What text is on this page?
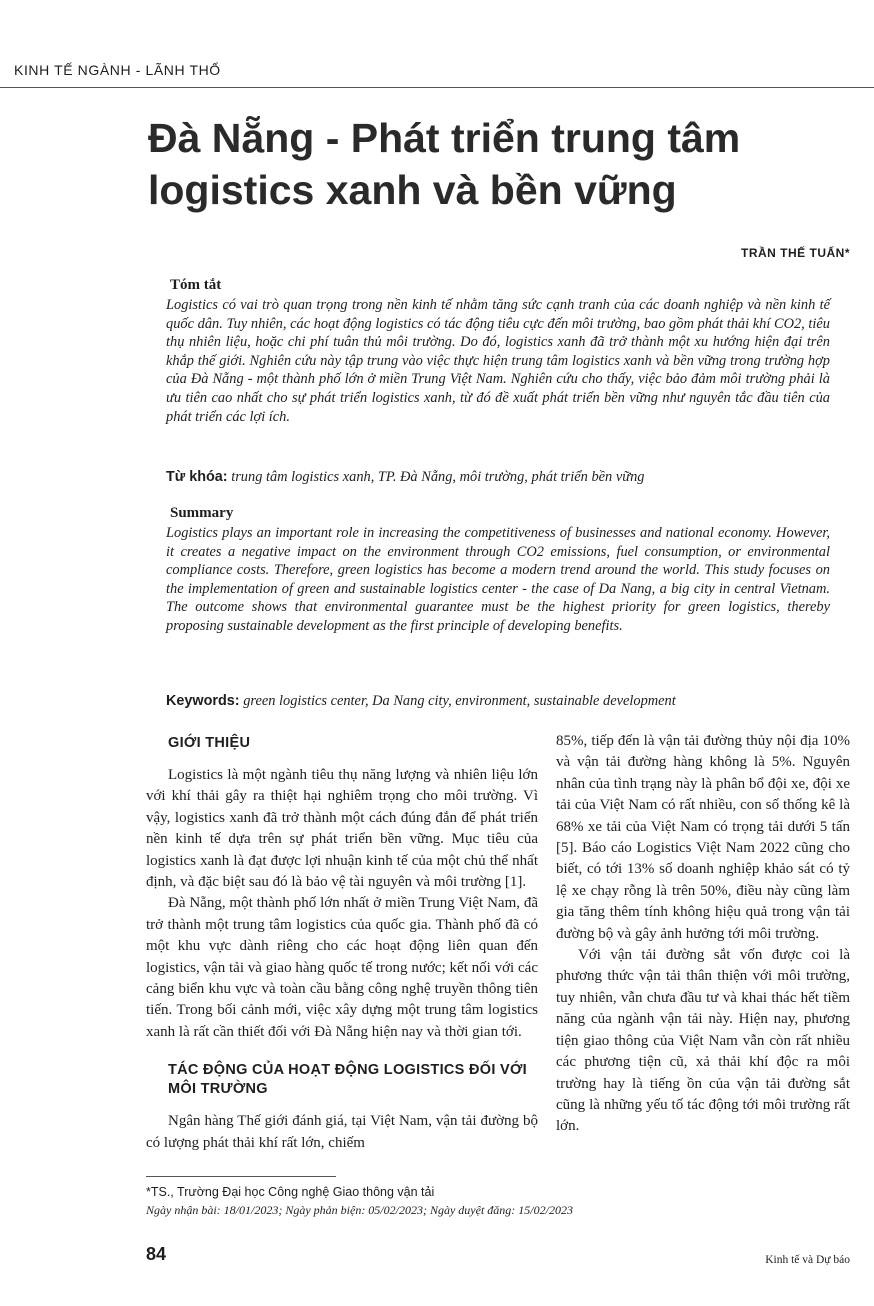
KINH TẾ NGÀNH - LÃNH THỔ
Đà Nẵng - Phát triển trung tâm logistics xanh và bền vững
TRẦN THẾ TUẤN*
Tóm tắt
Logistics có vai trò quan trọng trong nền kinh tế nhằm tăng sức cạnh tranh của các doanh nghiệp và nền kinh tế quốc dân. Tuy nhiên, các hoạt động logistics có tác động tiêu cực đến môi trường, bao gồm phát thải khí CO2, tiêu thụ nhiên liệu, hoặc chi phí tuân thủ môi trường. Do đó, logistics xanh đã trở thành một xu hướng hiện đại trên khắp thế giới. Nghiên cứu này tập trung vào việc thực hiện trung tâm logistics xanh và bền vững trong trường hợp của Đà Nẵng - một thành phố lớn ở miền Trung Việt Nam. Nghiên cứu cho thấy, việc bảo đảm môi trường phải là ưu tiên cao nhất cho sự phát triển logistics xanh, từ đó đề xuất phát triển bền vững như nguyên tắc đầu tiên của phát triển các lợi ích.
Từ khóa: trung tâm logistics xanh, TP. Đà Nẵng, môi trường, phát triển bền vững
Summary
Logistics plays an important role in increasing the competitiveness of businesses and national economy. However, it creates a negative impact on the environment through CO2 emissions, fuel consumption, or environmental compliance costs. Therefore, green logistics has become a modern trend around the world. This study focuses on the implementation of green and sustainable logistics center - the case of Da Nang, a big city in central Vietnam. The outcome shows that environmental guarantee must be the highest priority for green logistics, thereby proposing sustainable development as the first principle of developing benefits.
Keywords: green logistics center, Da Nang city, environment, sustainable development
GIỚI THIỆU

Logistics là một ngành tiêu thụ năng lượng và nhiên liệu lớn với khí thải gây ra thiệt hại nghiêm trọng cho môi trường. Vì vậy, logistics xanh đã trở thành một cách đúng đắn để phát triển nền kinh tế dựa trên sự phát triển bền vững. Mục tiêu của logistics xanh là đạt được lợi nhuận kinh tế của một chủ thể nhất định, và đặc biệt sau đó là bảo vệ tài nguyên và môi trường [1].

Đà Nẵng, một thành phố lớn nhất ở miền Trung Việt Nam, đã trở thành một trung tâm logistics của quốc gia. Thành phố đã có một khu vực dành riêng cho các hoạt động liên quan đến logistics, vận tải và giao hàng quốc tế trong nước; kết nối với các cảng biển khu vực và toàn cầu bằng công nghệ truyền thông tiên tiến. Trong bối cảnh mới, việc xây dựng một trung tâm logistics xanh là rất cần thiết đối với Đà Nẵng hiện nay và thời gian tới.

TÁC ĐỘNG CỦA HOẠT ĐỘNG LOGISTICS ĐỐI VỚI MÔI TRƯỜNG

Ngân hàng Thế giới đánh giá, tại Việt Nam, vận tải đường bộ có lượng phát thải khí rất lớn, chiếm

85%, tiếp đến là vận tải đường thủy nội địa 10% và vận tải đường hàng không là 5%. Nguyên nhân của tình trạng này là phân bổ đội xe, đội xe tải của Việt Nam có rất nhiều, con số thống kê là 68% xe tải của Việt Nam có trọng tải dưới 5 tấn [5]. Báo cáo Logistics Việt Nam 2022 cũng cho biết, có tới 13% số doanh nghiệp khảo sát có tỷ lệ xe chạy rỗng là trên 50%, điều này cũng làm gia tăng thêm tính không hiệu quả trong vận tải đường bộ và gây ảnh hưởng tới môi trường.

Với vận tải đường sắt vốn được coi là phương thức vận tải thân thiện với môi trường, tuy nhiên, vẫn chưa đầu tư và khai thác hết tiềm năng của ngành vận tải này. Hiện nay, phương tiện giao thông của Việt Nam vẫn còn rất nhiều các phương tiện cũ, xả thải khí độc ra môi trường hay là tiếng ồn của vận tải đường sắt cũng là những yếu tố tác động tới môi trường rất lớn.

*TS., Trường Đại học Công nghệ Giao thông vận tải
Ngày nhận bài: 18/01/2023; Ngày phản biện: 05/02/2023; Ngày duyệt đăng: 15/02/2023
84	Kinh tế và Dự báo
